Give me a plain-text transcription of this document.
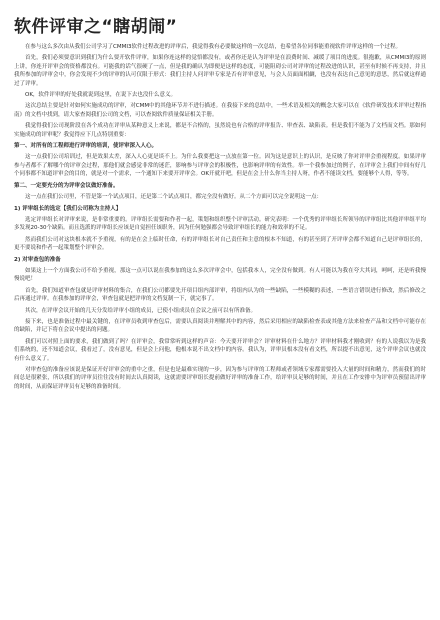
软件评审之“瞎胡闹”

在参与这么多次由从我们公司学习了CMMI3软件过程改进的评审后，我觉得我有必要做这样的一次总结，也希望各位同事能重视软件评审这样的一个过程。

首先，我们必须要意识到我们为什么要开软件评审，如果你连这样的觉悟都没有，或者你还是认为评审是在浪费时间、减缓了项目的进度。很抱歉，从CMMI3的原则上讲，你连开评审会的资格都没有。可能我的话气很硬了一点，但是我的确认为即便是这样的态度，可能阻碍公司对评审的过程改进的认识，甚至有时候不再支持，并且我所参加的评审会中，你会发现不少的评审的认可仅限于形式：我们主持人问评审专家是否有评审意见，与会人员面面相觑，也没有表达自己意见的意思，然后就这样通过了评审。

OK，软件评审的好处我就说到这里，在说下去也没什么意义。

这次总结主要是针对如何实施成功的评审，对CMM中的其他环节并不进行描述。在我接下来的总结中，一些术语及相关的概念大家可以在《软件研发技术评审过程指南》的文档中找到，请大家查阅我们公司的文档，可以查阅软件质量保证相关手册。

我觉得我们公司现阶段在各个成功在评审从某种意义上来说，都是不合格的，虽然说也有合格的评审报告、审查表、缺陷表。但是我们不能为了文档而文档。那如何实施成功的评审呢？我觉得应下几点特别重要：

第一、对所有的工程师进行评审的培训，使评审深入人心。

这一点我们公司培训过，但是效果太差，深入人心更是谈不上。为什么我要把这一点放在第一位。因为这是意识上的认识，是反映了你对评审会重视程度。如果评审参与者都不了解哪个的评审会过程，那他们就会感觉非常的迷茫，影响参与评审会的积极性，也影响评审的有效性。举一个我参加过的例子，在评审会上我们中间有好几个同事都不知道评审会的目的，就是对一个需求，一个通知下来要开评审会。OK开就开吧，但是在会上什么你当主持人呀，作者不能读文档，要能够个人得，等等。

第二、一定要充分的为评审会议做好准备。

这一点在我们公司里，不管是第一个试点项目，还是第二个试点项目，都完全没有做好。从二个方面可以完全说明这一点：

1) 评审组长的选定【我们公司称为主持人】

选定评审组长对评审来说，是非常重要的。评审组长需要和作者一起，策划和组织整个评审活动。研究表明：一个优秀的评审组长所领导的评审组比其他评审组平均多发现20-30个缺陷。而且选派的评审组长应该是自觉担任该职务，因为任何勉强都会导致评审组长的能力和效率的不足。

然而我们公司对这块根本就不予重视，有的是在会上临时任命，有的评审组长对自己责任和主意的根本不知道，有的甚至到了开评审会都不知道自己是评审组长的，更不要说和作者一起策划整个评审会。

2) 对审查包的准备

如果这上一个方面我公司不给予重视，那这一点可以说在我参加的这么多次评审会中，包括我本人，完全没有做到。有人可能以为我在夸大其词，呵呵，还是听我慢慢说吧！

首先，我们知道审查包就是评审材料的集合，在我们公司都要先开项目组内部评审，将组内认为的一些缺陷，一些模糊的表述，一些语言错误进行修改，然后修改之后再通过评审。在我参加的评审会，审查包就是把评审的文档复制一下，就完事了。

其次，在评审会议开始的几天分发给评审小组的成员，已使小组成员在会议之前可以有所准备。

接下来，也是准备过程中最关键的，在评审员收到审查包后，需要认真阅读并理解其中的内容，然后采用相应的缺陷检查表或其他方法来检查产品和文档中可能存在的缺陷，并记下将在会议中提出的问题。

我们可以对照上面的要求，我们做到了吗？在评审会，我常常听到这样的声音：今天要开评审会？评审材料在什么地方？评审材料我才刚收到？有的人说我以为是我们系统的，还不知道会议，我看过了，没有意见，但是会上问他，他根本说不出文档中的内容。我认为，评审员根本没有看文档，所以提不出意见，这个评审会议也就没有什么意义了。

对审查包的准备应该说是保证开好评审会的重中之重，但是也是最难实现的一步，因为参与评审的工程师或者领域专家都需要投入大量的时间和精力，然而我们的时间总是很紧张，所以我们的评审员往往没有时间去认真阅读，这就需要评审组长提前做好评审的准备工作，给评审员足够的时间，并且在工作安排中为评审员预留出评审的时间，从而保证评审员有足够的准备时间。
